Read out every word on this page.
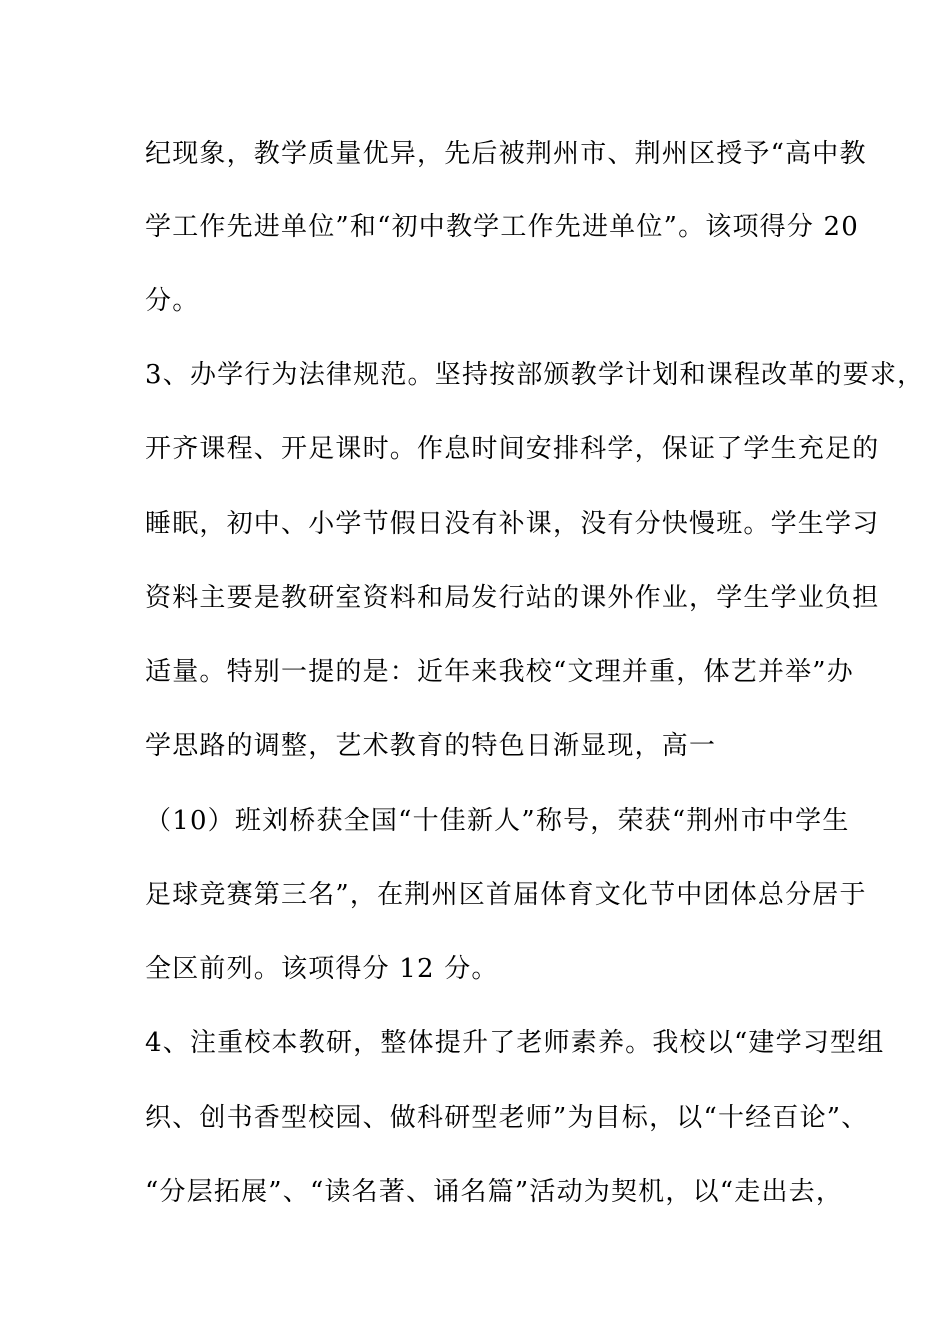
纪现象，教学质量优异，先后被荆州市、荆州区授予“高中教
学工作先进单位”和“初中教学工作先进单位”。该项得分 20
分。
3、办学行为法律规范。坚持按部颁教学计划和课程改革的要求，
开齐课程、开足课时。作息时间安排科学，保证了学生充足的
睡眠，初中、小学节假日没有补课，没有分快慢班。学生学习
资料主要是教研室资料和局发行站的课外作业，学生学业负担
适量。特别一提的是：近年来我校“文理并重，体艺并举”办
学思路的调整，艺术教育的特色日渐显现，高一
（10）班刘桥获全国“十佳新人”称号，荣获“荆州市中学生
足球竞赛第三名”，在荆州区首届体育文化节中团体总分居于
全区前列。该项得分 12 分。
4、注重校本教研，整体提升了老师素养。我校以“建学习型组
织、创书香型校园、做科研型老师”为目标，以“十经百论”、
“分层拓展”、“读名著、诵名篇”活动为契机，以“走出去，
